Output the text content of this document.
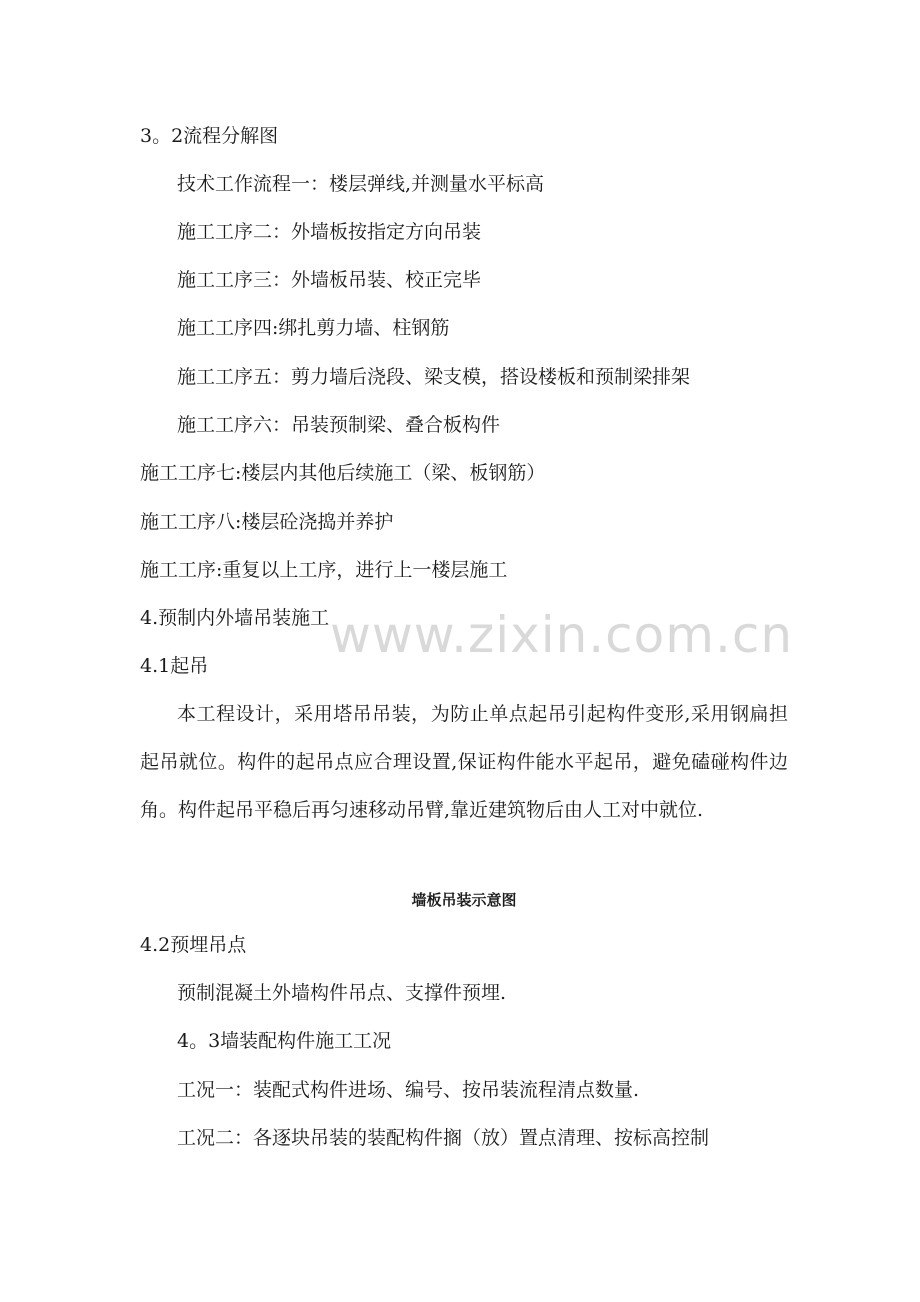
3。2流程分解图
技术工作流程一：楼层弹线,并测量水平标高
施工工序二：外墙板按指定方向吊装
施工工序三：外墙板吊装、校正完毕
施工工序四:绑扎剪力墙、柱钢筋
施工工序五：剪力墙后浇段、梁支模，搭设楼板和预制梁排架
施工工序六：吊装预制梁、叠合板构件
施工工序七:楼层内其他后续施工（梁、板钢筋）
施工工序八:楼层砼浇捣并养护
施工工序:重复以上工序，进行上一楼层施工
4.预制内外墙吊装施工
4.1起吊
本工程设计，采用塔吊吊装，为防止单点起吊引起构件变形,采用钢扁担起吊就位。构件的起吊点应合理设置,保证构件能水平起吊，避免磕碰构件边角。构件起吊平稳后再匀速移动吊臂,靠近建筑物后由人工对中就位.
墙板吊装示意图
4.2预埋吊点
预制混凝土外墙构件吊点、支撑件预埋.
4。3墙装配构件施工工况
工况一：装配式构件进场、编号、按吊装流程清点数量.
工况二：各逐块吊装的装配构件搁（放）置点清理、按标高控制
www.zixin.com.cn
